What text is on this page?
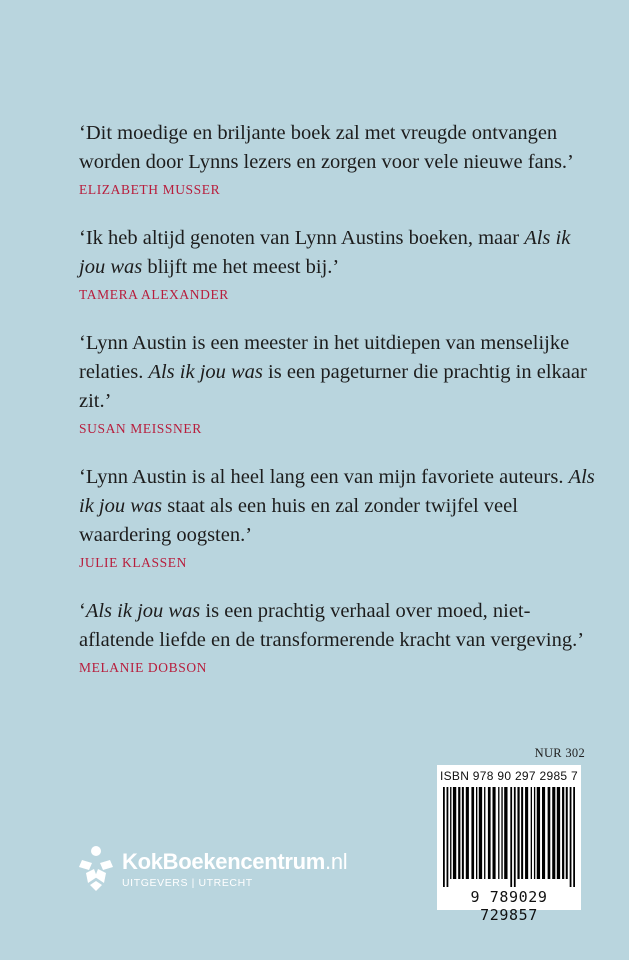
‘Dit moedige en briljante boek zal met vreugde ontvangen worden door Lynns lezers en zorgen voor vele nieuwe fans.’

ELIZABETH MUSSER

‘Ik heb altijd genoten van Lynn Austins boeken, maar Als ik jou was blijft me het meest bij.’

TAMERA ALEXANDER

‘Lynn Austin is een meester in het uitdiepen van menselijke relaties. Als ik jou was is een pageturner die prachtig in elkaar zit.’

SUSAN MEISSNER

‘Lynn Austin is al heel lang een van mijn favoriete auteurs. Als ik jou was staat als een huis en zal zonder twijfel veel waardering oogsten.’

JULIE KLASSEN

‘Als ik jou was is een prachtig verhaal over moed, niet-aflatende liefde en de transformerende kracht van vergeving.’

MELANIE DOBSON
NUR 302
ISBN 978 90 297 2985 7
9 789029 729857
KokBoekencentrum.nl
UITGEVERS | UTRECHT
